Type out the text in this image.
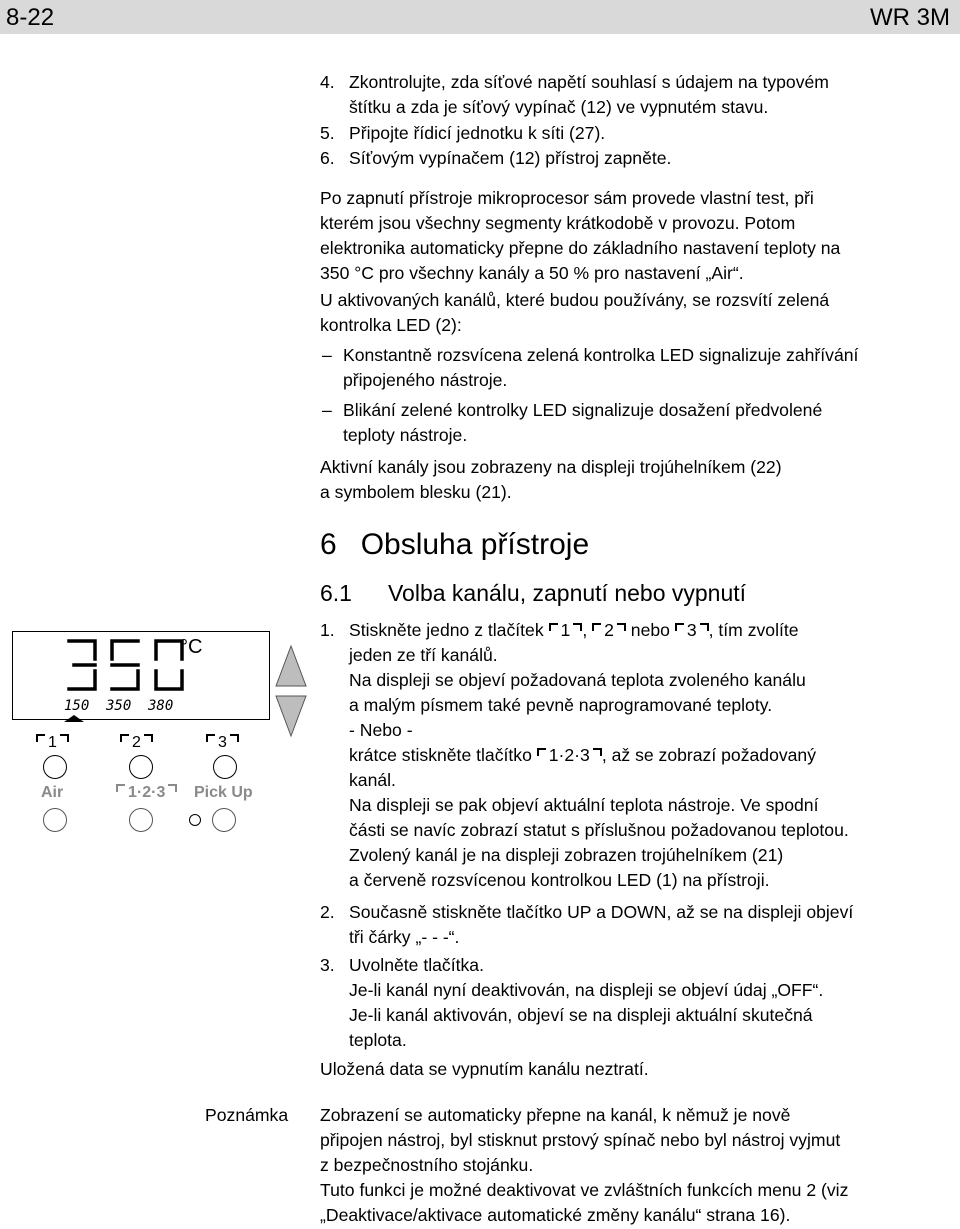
8-22	WR 3M
4. Zkontrolujte, zda síťové napětí souhlasí s údajem na typovém
štítku a zda je síťový vypínač (12) ve vypnutém stavu.
5. Připojte řídicí jednotku k síti (27).
6. Síťovým vypínačem (12) přístroj zapněte.
Po zapnutí přístroje mikroprocesor sám provede vlastní test, při
kterém jsou všechny segmenty krátkodobě v provozu. Potom
elektronika automaticky přepne do základního nastavení teploty na
350 °C pro všechny kanály a 50 % pro nastavení „Air“.
U aktivovaných kanálů, které budou používány, se rozsvítí zelená
kontrolka LED (2):
– Konstantně rozsvícena zelená kontrolka LED signalizuje zahřívání
připojeného nástroje.
– Blikání zelené kontrolky LED signalizuje dosažení předvolené
teploty nástroje.
Aktivní kanály jsou zobrazeny na displeji trojúhelníkem (22)
a symbolem blesku (21).
6 Obsluha přístroje
6.1 Volba kanálu, zapnutí nebo vypnutí
1. Stiskněte jedno z tlačítek 1 , 2 nebo 3 , tím zvolíte
jeden ze tří kanálů.
Na displeji se objeví požadovaná teplota zvoleného kanálu
a malým písmem také pevně naprogramované teploty.
- Nebo -
krátce stiskněte tlačítko 1·2·3 , až se zobrazí požadovaný
kanál.
Na displeji se pak objeví aktuální teplota nástroje. Ve spodní
části se navíc zobrazí statut s příslušnou požadovanou teplotou.
Zvolený kanál je na displeji zobrazen trojúhelníkem (21)
a červeně rozsvícenou kontrolkou LED (1) na přístroji.
2. Současně stiskněte tlačítko UP a DOWN, až se na displeji objeví
tři čárky „- - -“.
3. Uvolněte tlačítka.
Je-li kanál nyní deaktivován, na displeji se objeví údaj „OFF“.
Je-li kanál aktivován, objeví se na displeji aktuální skutečná
teplota.
Uložená data se vypnutím kanálu neztratí.
Poznámka Zobrazení se automaticky přepne na kanál, k němuž je nově
připojen nástroj, byl stisknut prstový spínač nebo byl nástroj vyjmut
z bezpečnostního stojánku.
Tuto funkci je možné deaktivovat ve zvláštních funkcích menu 2 (viz
„Deaktivace/aktivace automatické změny kanálu“ strana 16).
150 350 380
°C
1	2	3
Air	1·2·3	Pick Up
